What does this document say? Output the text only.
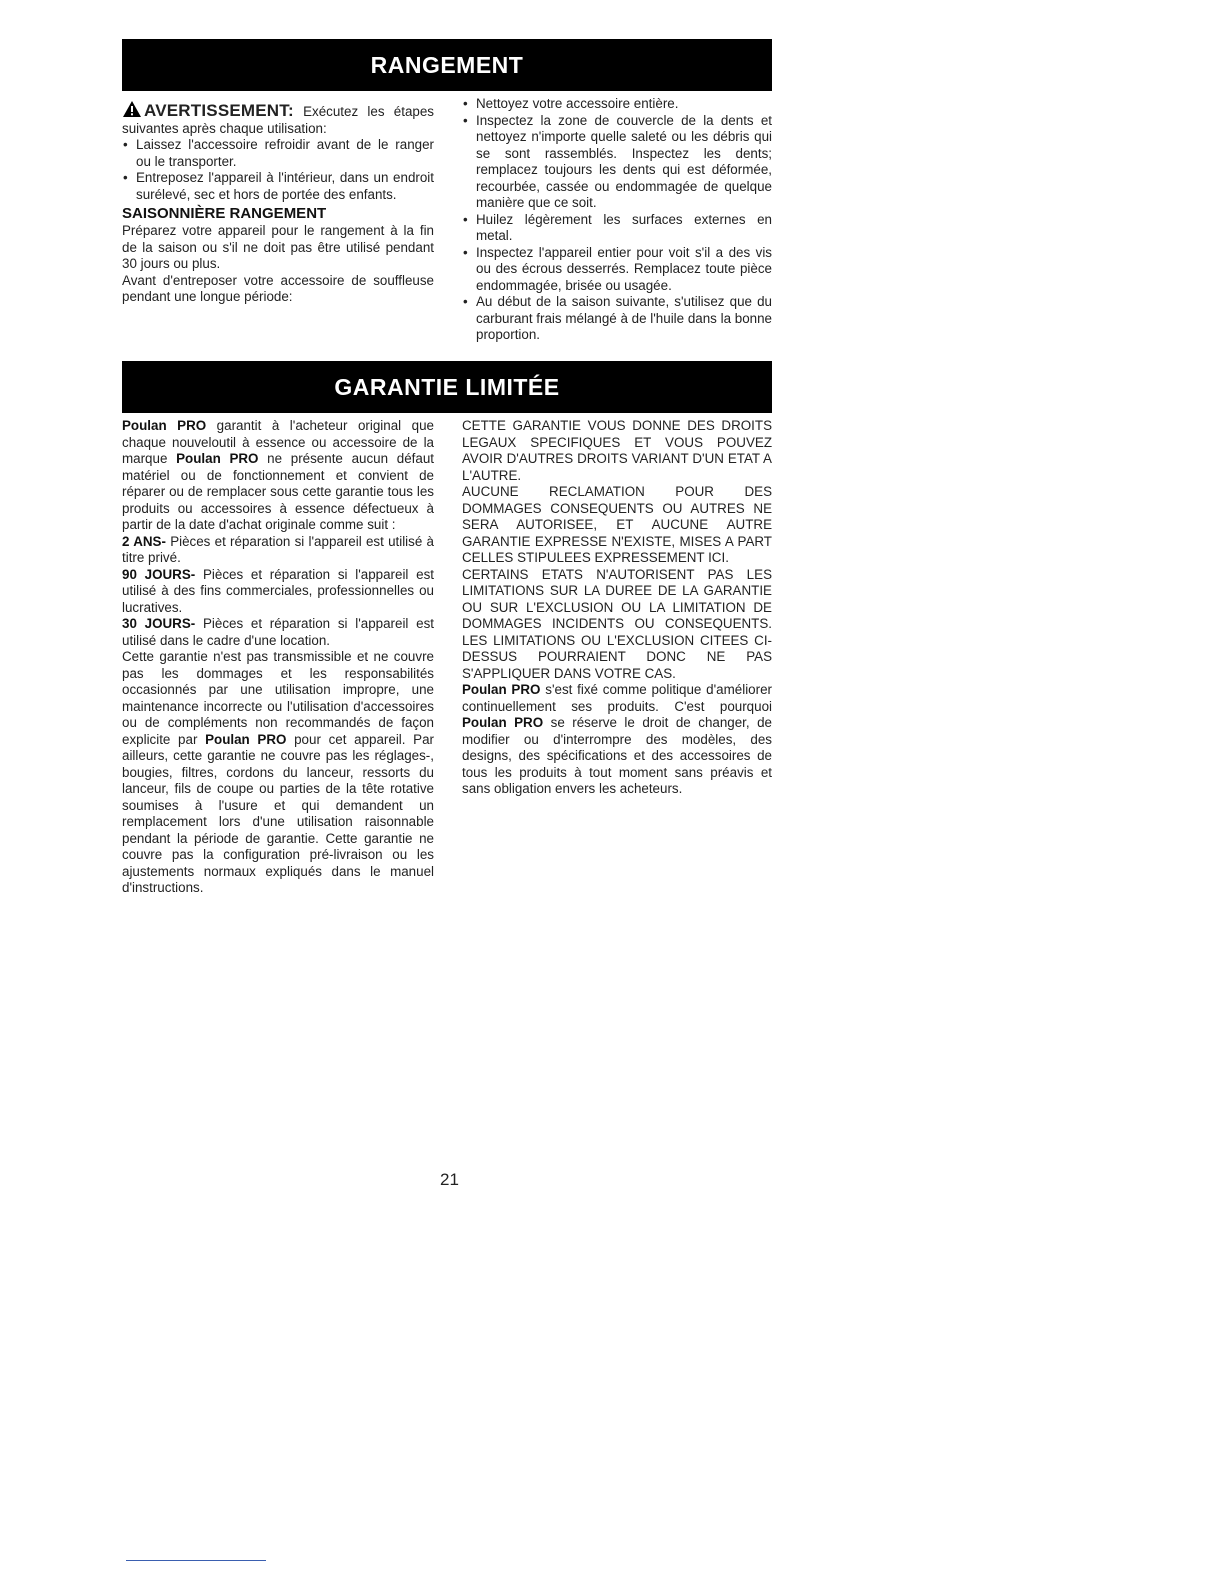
RANGEMENT

AVERTISSEMENT: Exécutez les étapes suivantes après chaque utilisation:

• Laissez l'accessoire refroidir avant de le ranger ou le transporter.
• Entreposez l'appareil à l'intérieur, dans un endroit surélevé, sec et hors de portée des enfants.
SAISONNIÈRE RANGEMENT

Préparez votre appareil pour le rangement à la fin de la saison ou s'il ne doit pas être utilisé pendant 30 jours ou plus.

Avant d'entreposer votre accessoire de souffleuse pendant une longue période:

• Nettoyez votre accessoire entière.
• Inspectez la zone de couvercle de la dents et nettoyez n'importe quelle saleté ou les débris qui se sont rassemblés. Inspectez les dents; remplacez toujours les dents qui est déformée, recourbée, cassée ou endommagée de quelque manière que ce soit.
• Huilez légèrement les surfaces externes en metal.
• Inspectez l'appareil entier pour voit s'il a des vis ou des écrous desserrés. Remplacez toute pièce endommagée, brisée ou usagée.
• Au début de la saison suivante, s'utilisez que du carburant frais mélangé à de l'huile dans la bonne proportion.
GARANTIE LIMITÉE

Poulan PRO garantit à l'acheteur original que chaque nouveloutil à essence ou accessoire de la marque Poulan PRO ne présente aucun défaut matériel ou de fonctionnement et convient de réparer ou de remplacer sous cette garantie tous les produits ou accessoires à essence défectueux à partir de la date d'achat originale comme suit :

2 ANS- Pièces et réparation si l'appareil est utilisé à titre privé.

90 JOURS- Pièces et réparation si l'appareil est utilisé à des fins commerciales, professionnelles ou lucratives.

30 JOURS- Pièces et réparation si l'appareil est utilisé dans le cadre d'une location.

Cette garantie n'est pas transmissible et ne couvre pas les dommages et les responsabilités occasionnés par une utilisation impropre, une maintenance incorrecte ou l'utilisation d'accessoires ou de compléments non recommandés de façon explicite par Poulan PRO pour cet appareil. Par ailleurs, cette garantie ne couvre pas les réglages-, bougies, filtres, cordons du lanceur, ressorts du lanceur, fils de coupe ou parties de la tête rotative soumises à l'usure et qui demandent un remplacement lors d'une utilisation raisonnable pendant la période de garantie. Cette garantie ne couvre pas la configuration pré-livraison ou les ajustements normaux expliqués dans le manuel d'instructions.

CETTE GARANTIE VOUS DONNE DES DROITS LEGAUX SPECIFIQUES ET VOUS POUVEZ AVOIR D'AUTRES DROITS VARIANT D'UN ETAT A L'AUTRE.

AUCUNE RECLAMATION POUR DES DOMMAGES CONSEQUENTS OU AUTRES NE SERA AUTORISEE, ET AUCUNE AUTRE GARANTIE EXPRESSE N'EXISTE, MISES A PART CELLES STIPULEES EXPRESSEMENT ICI.

CERTAINS ETATS N'AUTORISENT PAS LES LIMITATIONS SUR LA DUREE DE LA GARANTIE OU SUR L'EXCLUSION OU LA LIMITATION DE DOMMAGES INCIDENTS OU CONSEQUENTS. LES LIMITATIONS OU L'EXCLUSION CITEES CI-DESSUS POURRAIENT DONC NE PAS S'APPLIQUER DANS VOTRE CAS.

Poulan PRO s'est fixé comme politique d'améliorer continuellement ses produits. C'est pourquoi Poulan PRO se réserve le droit de changer, de modifier ou d'interrompre des modèles, des designs, des spécifications et des accessoires de tous les produits à tout moment sans préavis et sans obligation envers les acheteurs.

21
